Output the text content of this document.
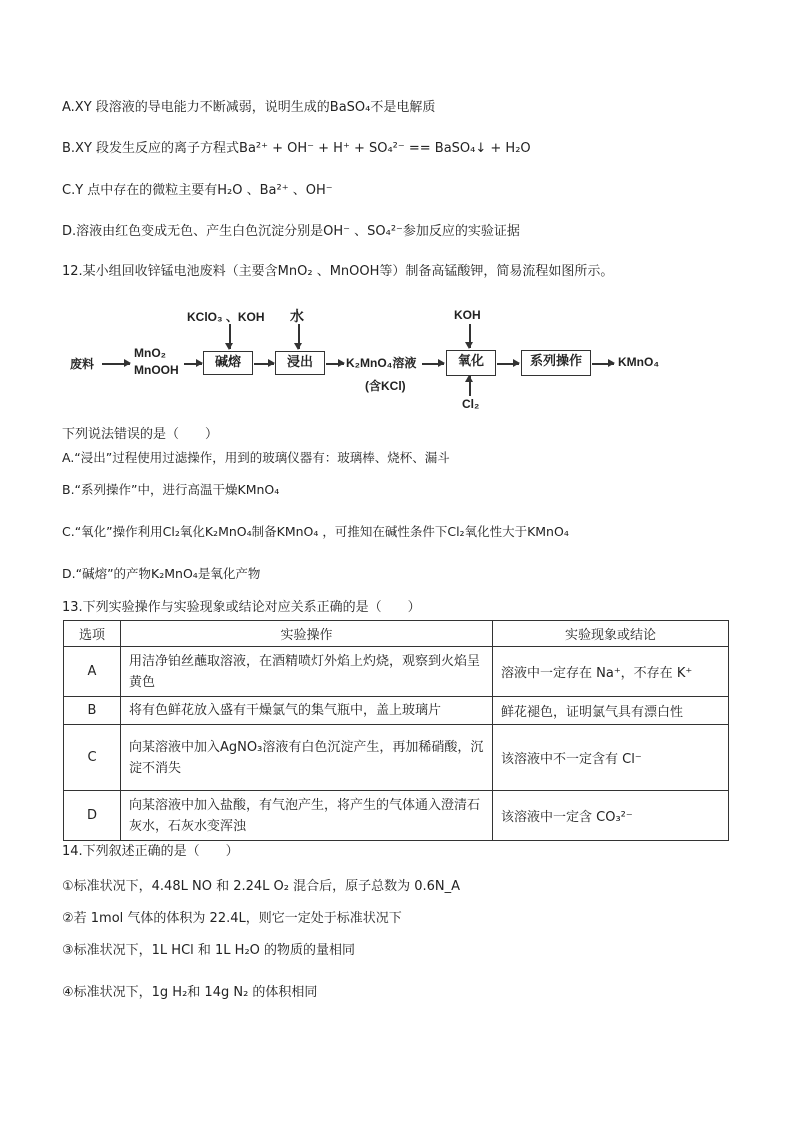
A.XY 段溶液的导电能力不断减弱，说明生成的BaSO₄不是电解质
B.XY 段发生反应的离子方程式Ba²⁺ + OH⁻ + H⁺ + SO₄²⁻ == BaSO₄↓ + H₂O
C.Y 点中存在的微粒主要有H₂O 、Ba²⁺ 、OH⁻
D.溶液由红色变成无色、产生白色沉淀分别是OH⁻ 、SO₄²⁻参加反应的实验证据
12.某小组回收锌锰电池废料（主要含MnO₂ 、MnOOH等）制备高锰酸钾，简易流程如图所示。
废料
MnO₂
MnOOH	碱熔
KClO₃ 、KOH
浸出
水
K₂MnO₄溶液
(含KCl)
氧化
KOH
Cl₂
系列操作	KMnO₄
下列说法错误的是（　　）
A.“浸出”过程使用过滤操作，用到的玻璃仪器有：玻璃棒、烧杯、漏斗
B.“系列操作”中，进行高温干燥KMnO₄
C.“氧化”操作利用Cl₂氧化K₂MnO₄制备KMnO₄ ，可推知在碱性条件下Cl₂氧化性大于KMnO₄
D.“碱熔”的产物K₂MnO₄是氧化产物
13.下列实验操作与实验现象或结论对应关系正确的是（　　）
选项	实验操作	实验现象或结论
A	用洁净铂丝蘸取溶液，在酒精喷灯外焰上灼烧，观察到火焰呈黄色	溶液中一定存在 Na⁺，不存在 K⁺
B	将有色鲜花放入盛有干燥氯气的集气瓶中，盖上玻璃片	鲜花褪色，证明氯气具有漂白性
C	向某溶液中加入AgNO₃溶液有白色沉淀产生，再加稀硝酸，沉淀不消失	该溶液中不一定含有 Cl⁻
D	向某溶液中加入盐酸，有气泡产生，将产生的气体通入澄清石灰水，石灰水变浑浊	该溶液中一定含 CO₃²⁻
14.下列叙述正确的是（　　）
①标准状况下，4.48L NO 和 2.24L O₂ 混合后，原子总数为 0.6N_A
②若 1mol 气体的体积为 22.4L，则它一定处于标准状况下
③标准状况下，1L HCl 和 1L H₂O 的物质的量相同
④标准状况下，1g H₂和 14g N₂ 的体积相同
